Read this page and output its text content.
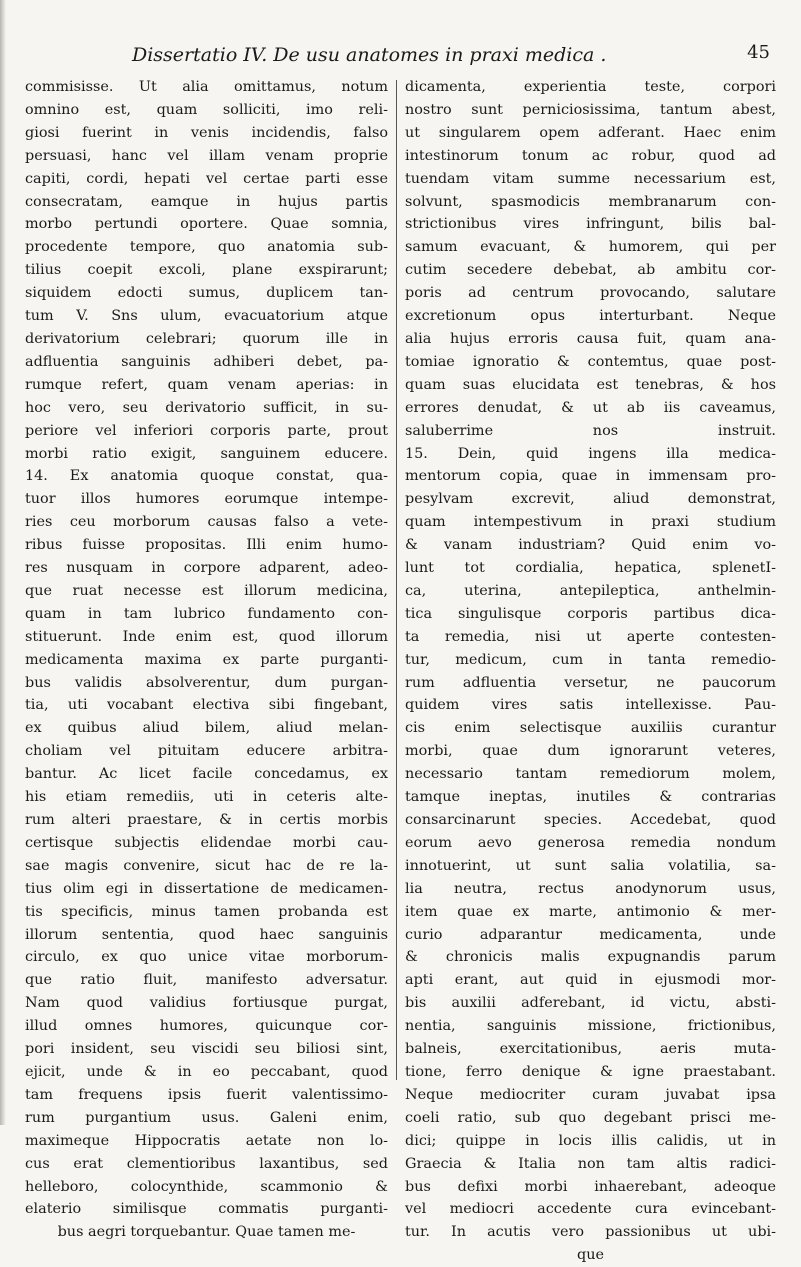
Dissertatio IV. De usu anatomes in praxi medica .	45
commisisse. Ut alia omittamus, notum
omnino est, quam solliciti, imo reli-
giosi fuerint in venis incidendis, falso
persuasi, hanc vel illam venam proprie
capiti, cordi, hepati vel certae parti esse
consecratam, eamque in hujus partis
morbo pertundi oportere. Quae somnia,
procedente tempore, quo anatomia sub-
tilius coepit excoli, plane exspirarunt;
siquidem edocti sumus, duplicem tan-
tum V. Sns ulum, evacuatorium atque
derivatorium celebrari; quorum ille in
adfluentia sanguinis adhiberi debet, pa-
rumque refert, quam venam aperias: in
hoc vero, seu derivatorio sufficit, in su-
periore vel inferiori corporis parte, prout
morbi ratio exigit, sanguinem educere.
14. Ex anatomia quoque constat, qua-
tuor illos humores eorumque intempe-
ries ceu morborum causas falso a vete-
ribus fuisse propositas. Illi enim humo-
res nusquam in corpore adparent, adeo-
que ruat necesse est illorum medicina,
quam in tam lubrico fundamento con-
stituerunt. Inde enim est, quod illorum
medicamenta maxima ex parte purganti-
bus validis absolverentur, dum purgan-
tia, uti vocabant electiva sibi fingebant,
ex quibus aliud bilem, aliud melan-
choliam vel pituitam educere arbitra-
bantur. Ac licet facile concedamus, ex
his etiam remediis, uti in ceteris alte-
rum alteri praestare, & in certis morbis
certisque subjectis elidendae morbi cau-
sae magis convenire, sicut hac de re la-
tius olim egi in dissertatione de medicamen-
tis specificis, minus tamen probanda est
illorum sententia, quod haec sanguinis
circulo, ex quo unice vitae morborum-
que ratio fluit, manifesto adversatur.
Nam quod validius fortiusque purgat,
illud omnes humores, quicunque cor-
pori insident, seu viscidi seu biliosi sint,
ejicit, unde & in eo peccabant, quod
tam frequens ipsis fuerit valentissimo-
rum purgantium usus. Galeni enim,
maximeque Hippocratis aetate non lo-
cus erat clementioribus laxantibus, sed
helleboro, colocynthide, scammonio &
elaterio similisque commatis purganti-
bus aegri torquebantur. Quae tamen me-
dicamenta, experientia teste, corpori
nostro sunt perniciosissima, tantum abest,
ut singularem opem adferant. Haec enim
intestinorum tonum ac robur, quod ad
tuendam vitam summe necessarium est,
solvunt, spasmodicis membranarum con-
strictionibus vires infringunt, bilis bal-
samum evacuant, & humorem, qui per
cutim secedere debebat, ab ambitu cor-
poris ad centrum provocando, salutare
excretionum opus interturbant. Neque
alia hujus erroris causa fuit, quam ana-
tomiae ignoratio & contemtus, quae post-
quam suas elucidata est tenebras, & hos
errores denudat, & ut ab iis caveamus,
saluberrime nos instruit.
15. Dein, quid ingens illa medica-
mentorum copia, quae in immensam pro-
pesylvam excrevit, aliud demonstrat,
quam intempestivum in praxi studium
& vanam industriam? Quid enim vo-
lunt tot cordialia, hepatica, splenetI-
ca, uterina, antepileptica, anthelmin-
tica singulisque corporis partibus dica-
ta remedia, nisi ut aperte contesten-
tur, medicum, cum in tanta remedio-
rum adfluentia versetur, ne paucorum
quidem vires satis intellexisse. Pau-
cis enim selectisque auxiliis curantur
morbi, quae dum ignorarunt veteres,
necessario tantam remediorum molem,
tamque ineptas, inutiles & contrarias
consarcinarunt species. Accedebat, quod
eorum aevo generosa remedia nondum
innotuerint, ut sunt salia volatilia, sa-
lia neutra, rectus anodynorum usus,
item quae ex marte, antimonio & mer-
curio adparantur medicamenta, unde
& chronicis malis expugnandis parum
apti erant, aut quid in ejusmodi mor-
bis auxilii adferebant, id victu, absti-
nentia, sanguinis missione, frictionibus,
balneis, exercitationibus, aeris muta-
tione, ferro denique & igne praestabant.
Neque mediocriter curam juvabat ipsa
coeli ratio, sub quo degebant prisci me-
dici; quippe in locis illis calidis, ut in
Graecia & Italia non tam altis radici-
bus defixi morbi inhaerebant, adeoque
vel mediocri accedente cura evincebant-
tur. In acutis vero passionibus ut ubi-
que
